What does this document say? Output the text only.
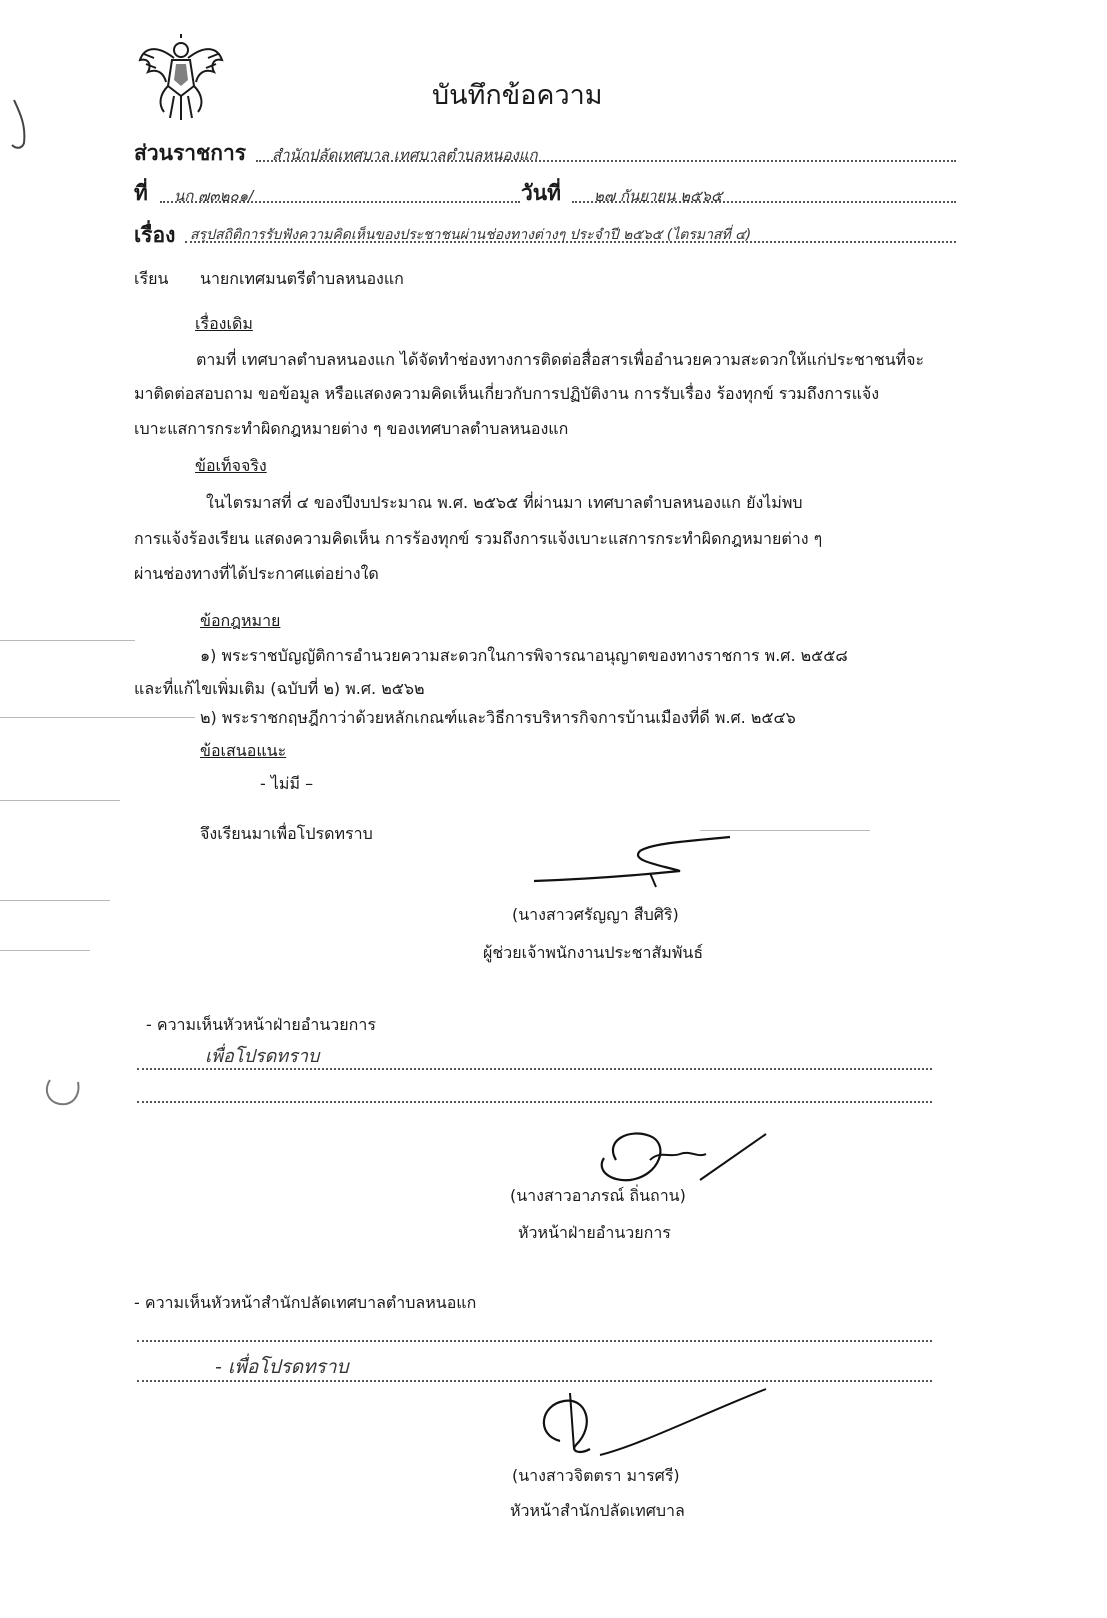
บันทึกข้อความ
ส่วนราชการ สำนักปลัดเทศบาล เทศบาลตำบลหนองแก
ที่ นก ๗๓๒๐๑/	วันที่ ๒๗ กันยายน ๒๕๖๕
เรื่อง สรุปสถิติการรับฟังความคิดเห็นของประชาชนผ่านช่องทางต่างๆ ประจำปี ๒๕๖๕ (ไตรมาสที่ ๔)
เรียน นายกเทศมนตรีตำบลหนองแก
เรื่องเดิม
ตามที่ เทศบาลตำบลหนองแก ได้จัดทำช่องทางการติดต่อสื่อสารเพื่ออำนวยความสะดวกให้แก่ประชาชนที่จะ
มาติดต่อสอบถาม ขอข้อมูล หรือแสดงความคิดเห็นเกี่ยวกับการปฏิบัติงาน การรับเรื่อง ร้องทุกข์ รวมถึงการแจ้ง
เบาะแสการกระทำผิดกฎหมายต่าง ๆ ของเทศบาลตำบลหนองแก
ข้อเท็จจริง
ในไตรมาสที่ ๔ ของปีงบประมาณ พ.ศ. ๒๕๖๕ ที่ผ่านมา เทศบาลตำบลหนองแก ยังไม่พบ
การแจ้งร้องเรียน แสดงความคิดเห็น การร้องทุกข์ รวมถึงการแจ้งเบาะแสการกระทำผิดกฎหมายต่าง ๆ
ผ่านช่องทางที่ได้ประกาศแต่อย่างใด
ข้อกฎหมาย
๑) พระราชบัญญัติการอำนวยความสะดวกในการพิจารณาอนุญาตของทางราชการ พ.ศ. ๒๕๕๘
และที่แก้ไขเพิ่มเติม (ฉบับที่ ๒) พ.ศ. ๒๕๖๒
๒) พระราชกฤษฎีกาว่าด้วยหลักเกณฑ์และวิธีการบริหารกิจการบ้านเมืองที่ดี พ.ศ. ๒๕๔๖
ข้อเสนอแนะ
- ไม่มี –
จึงเรียนมาเพื่อโปรดทราบ
(นางสาวศรัญญา สืบศิริ)
ผู้ช่วยเจ้าพนักงานประชาสัมพันธ์
- ความเห็นหัวหน้าฝ่ายอำนวยการ
เพื่อโปรดทราบ
(นางสาวอาภรณ์ ถิ่นถาน)
หัวหน้าฝ่ายอำนวยการ
- ความเห็นหัวหน้าสำนักปลัดเทศบาลตำบลหนอแก
- เพื่อโปรดทราบ
(นางสาวจิตตรา มารศรี)
หัวหน้าสำนักปลัดเทศบาล
